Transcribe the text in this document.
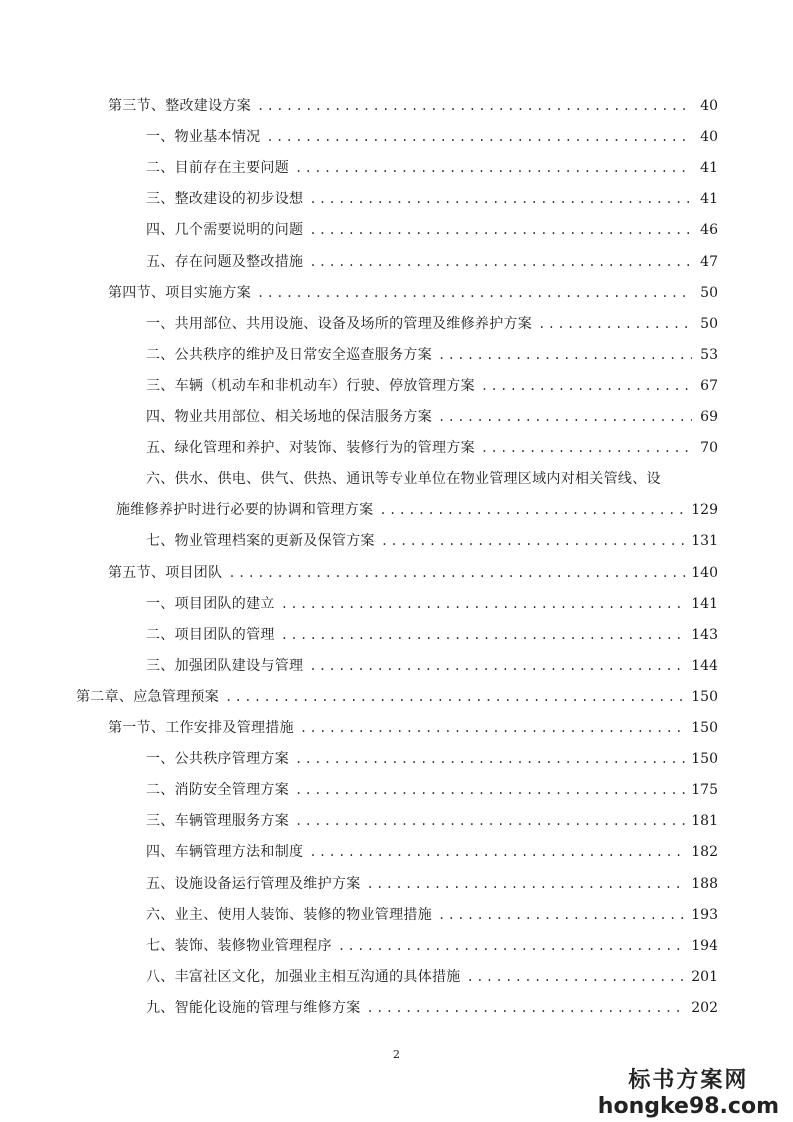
第三节、整改建设方案 .....	40
一、物业基本情况 .....	40
二、目前存在主要问题 .....	41
三、整改建设的初步设想 .....	41
四、几个需要说明的问题 .....	46
五、存在问题及整改措施 .....	47
第四节、项目实施方案 .....	50
一、共用部位、共用设施、设备及场所的管理及维修养护方案 .....	50
二、公共秩序的维护及日常安全巡查服务方案 .....	53
三、车辆（机动车和非机动车）行驶、停放管理方案 .....	67
四、物业共用部位、相关场地的保洁服务方案 .....	69
五、绿化管理和养护、对装饰、装修行为的管理方案 .....	70
六、供水、供电、供气、供热、通讯等专业单位在物业管理区域内对相关管线、设
施维修养护时进行必要的协调和管理方案 .....	129
七、物业管理档案的更新及保管方案 .....	131
第五节、项目团队 .....	140
一、项目团队的建立 .....	141
二、项目团队的管理 .....	143
三、加强团队建设与管理 .....	144
第二章、应急管理预案 .....	150
第一节、工作安排及管理措施 .....	150
一、公共秩序管理方案 .....	150
二、消防安全管理方案 .....	175
三、车辆管理服务方案 .....	181
四、车辆管理方法和制度 .....	182
五、设施设备运行管理及维护方案 .....	188
六、业主、使用人装饰、装修的物业管理措施 .....	193
七、装饰、装修物业管理程序 .....	194
八、丰富社区文化，加强业主相互沟通的具体措施 .....	201
九、智能化设施的管理与维修方案 .....	202
2
标书方案网
hongke98.com
